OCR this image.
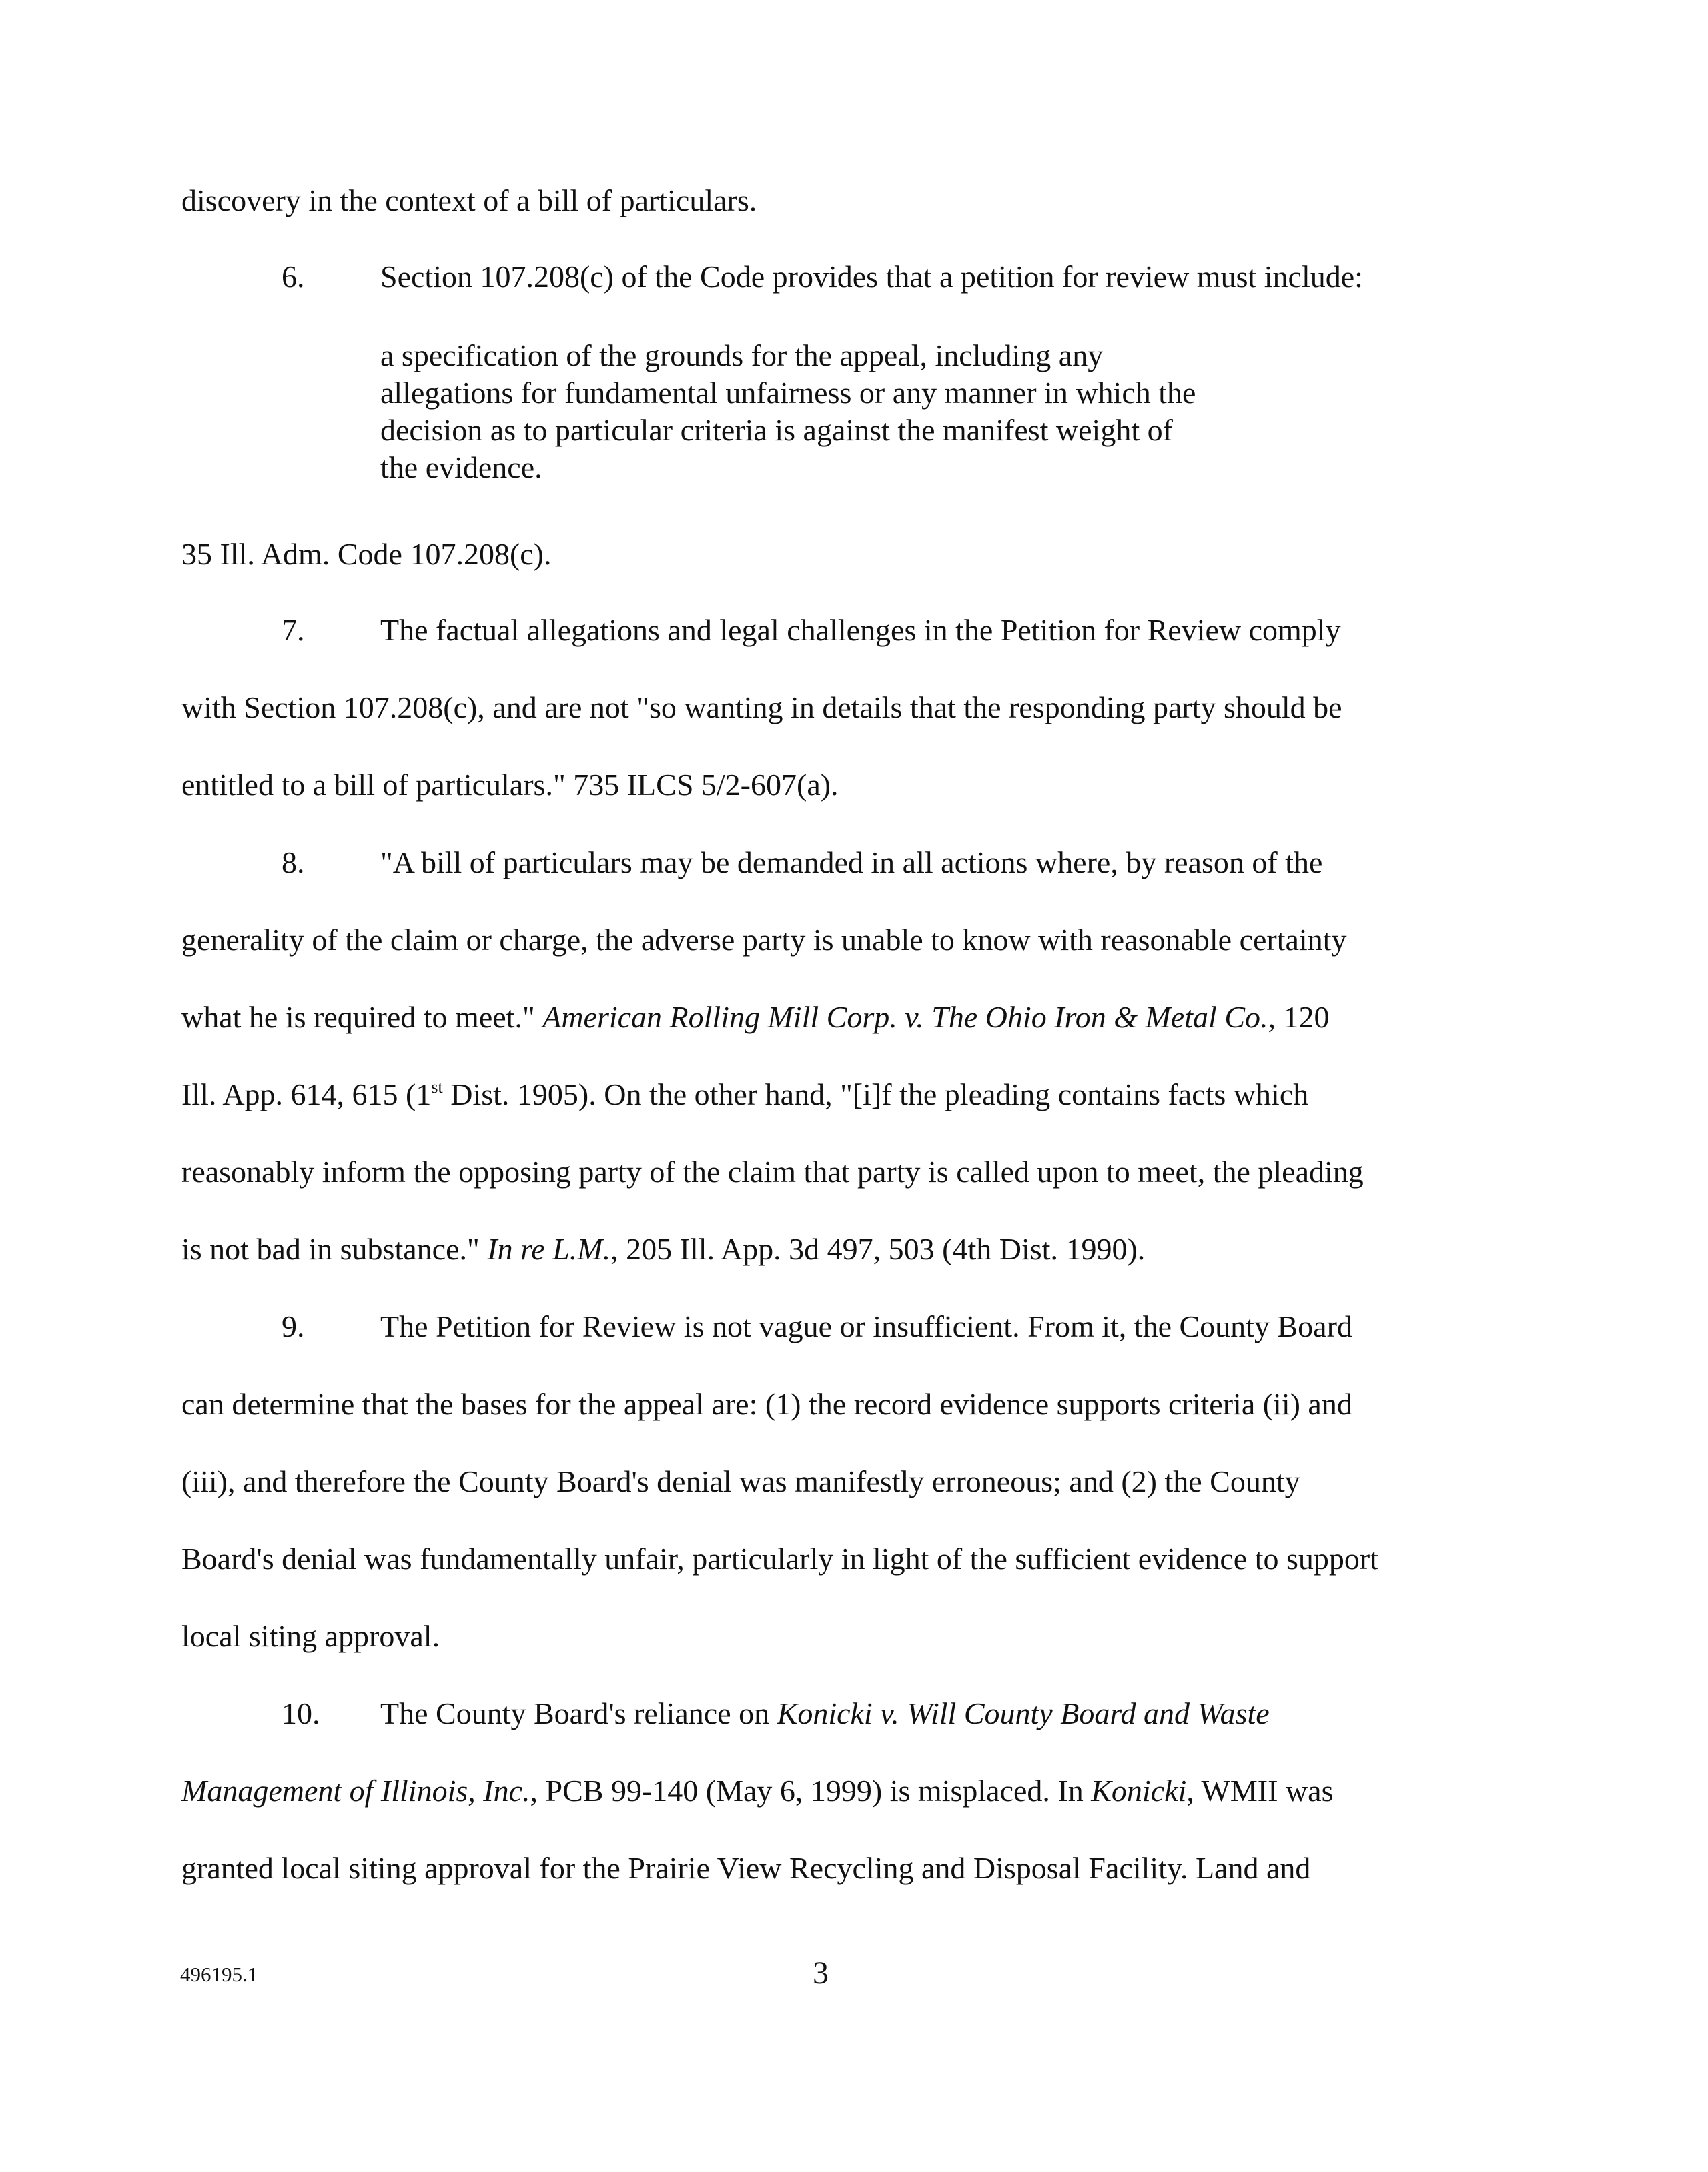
discovery in the context of a bill of particulars.
6. Section 107.208(c) of the Code provides that a petition for review must include:
a specification of the grounds for the appeal, including any
allegations for fundamental unfairness or any manner in which the
decision as to particular criteria is against the manifest weight of
the evidence.
35 Ill. Adm. Code 107.208(c).
7. The factual allegations and legal challenges in the Petition for Review comply
with Section 107.208(c), and are not "so wanting in details that the responding party should be
entitled to a bill of particulars." 735 ILCS 5/2-607(a).
8. "A bill of particulars may be demanded in all actions where, by reason of the
generality of the claim or charge, the adverse party is unable to know with reasonable certainty
what he is required to meet." American Rolling Mill Corp. v. The Ohio Iron & Metal Co., 120
Ill. App. 614, 615 (1st Dist. 1905). On the other hand, "[i]f the pleading contains facts which
reasonably inform the opposing party of the claim that party is called upon to meet, the pleading
is not bad in substance." In re L.M., 205 Ill. App. 3d 497, 503 (4th Dist. 1990).
9. The Petition for Review is not vague or insufficient. From it, the County Board
can determine that the bases for the appeal are: (1) the record evidence supports criteria (ii) and
(iii), and therefore the County Board's denial was manifestly erroneous; and (2) the County
Board's denial was fundamentally unfair, particularly in light of the sufficient evidence to support
local siting approval.
10. The County Board's reliance on Konicki v. Will County Board and Waste
Management of Illinois, Inc., PCB 99-140 (May 6, 1999) is misplaced. In Konicki, WMII was
granted local siting approval for the Prairie View Recycling and Disposal Facility. Land and
496195.1	3
